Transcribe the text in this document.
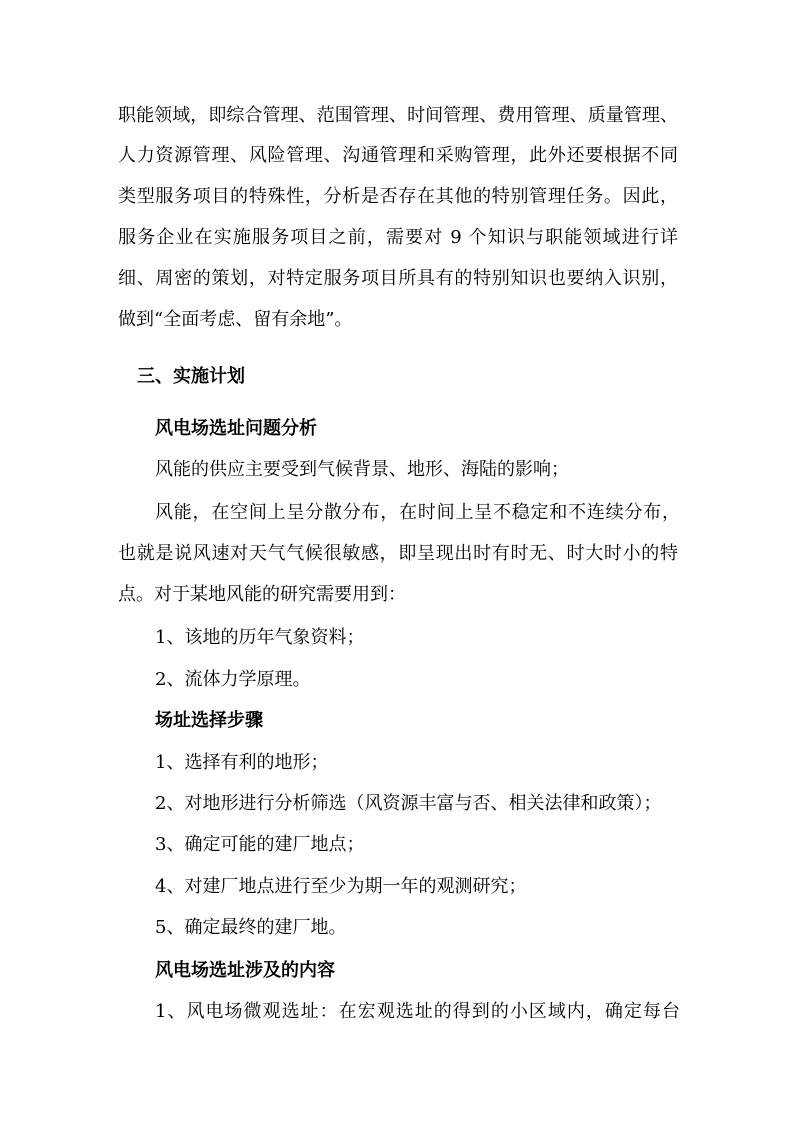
职能领域，即综合管理、范围管理、时间管理、费用管理、质量管理、
人力资源管理、风险管理、沟通管理和采购管理，此外还要根据不同
类型服务项目的特殊性，分析是否存在其他的特别管理任务。因此，
服务企业在实施服务项目之前，需要对 9 个知识与职能领域进行详
细、周密的策划，对特定服务项目所具有的特别知识也要纳入识别，
做到“全面考虑、留有余地”。
三、实施计划
风电场选址问题分析
风能的供应主要受到气候背景、地形、海陆的影响；
风能，在空间上呈分散分布，在时间上呈不稳定和不连续分布，
也就是说风速对天气气候很敏感，即呈现出时有时无、时大时小的特
点。对于某地风能的研究需要用到：
1、该地的历年气象资料；
2、流体力学原理。
场址选择步骤
1、选择有利的地形；
2、对地形进行分析筛选（风资源丰富与否、相关法律和政策）；
3、确定可能的建厂地点；
4、对建厂地点进行至少为期一年的观测研究；
5、确定最终的建厂地。
风电场选址涉及的内容
1、风电场微观选址：在宏观选址的得到的小区域内，确定每台
